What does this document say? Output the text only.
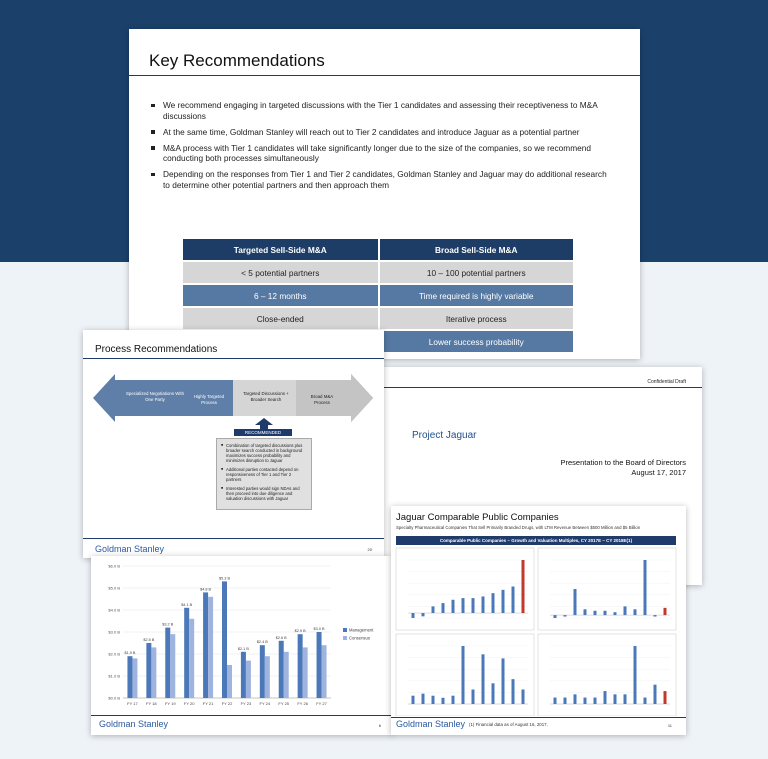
Key Recommendations
We recommend engaging in targeted discussions with the Tier 1 candidates and assessing their receptiveness to M&A discussions
At the same time, Goldman Stanley will reach out to Tier 2 candidates and introduce Jaguar as a potential partner
M&A process with Tier 1 candidates will take significantly longer due to the size of the companies, so we recommend conducting both processes simultaneously
Depending on the responses from Tier 1 and Tier 2 candidates, Goldman Stanley and Jaguar may do additional research to determine other potential partners and then approach them
Targeted Sell-Side M&A	Broad Sell-Side M&A
< 5 potential partners	10 – 100 potential partners
6 – 12 months	Time required is highly variable
Close-ended	Iterative process
	Lower success probability
Confidential Draft
Project Jaguar
Presentation to the Board of Directors
August 17, 2017
Process Recommendations
Specialized Negotiations With One Party	Highly Targeted Process
Targeted Discussions + Broader Search	Broad M&A Process
RECOMMENDED

■ Combination of targeted discussions plus broader search conducted in background maximizes success probability and minimizes disruption to Jaguar

■ Additional parties contacted depend on responsiveness of Tier 1 and Tier 2 partners

■ Interested parties would sign NDAs and then proceed into due diligence and valuation discussions with Jaguar

Goldman Stanley	20
$0.0 B
$1.0 B
$2.0 B
$3.0 B
$4.0 B
$5.0 B
$6.0 B
$1.9 B
FY 17
$2.5 B
FY 18
$3.2 B
FY 19
$4.1 B
FY 20
$4.8 B
FY 21
$5.3 B
FY 22
$2.1 B
FY 23
$2.4 B
FY 24
$2.6 B
FY 25
$2.9 B
FY 26
$3.0 B
FY 27
Management
Consensus
Goldman Stanley	6
Jaguar Comparable Public Companies
Specialty Pharmaceutical Companies That Sell Primarily Branded Drugs, with LTM Revenue Between $500 Million and $5 Billion
Comparable Public Companies – Growth and Valuation Multiples, CY 2017E – CY 2018E(1)
Goldman Stanley (1) Financial data as of August 16, 2017.	11
